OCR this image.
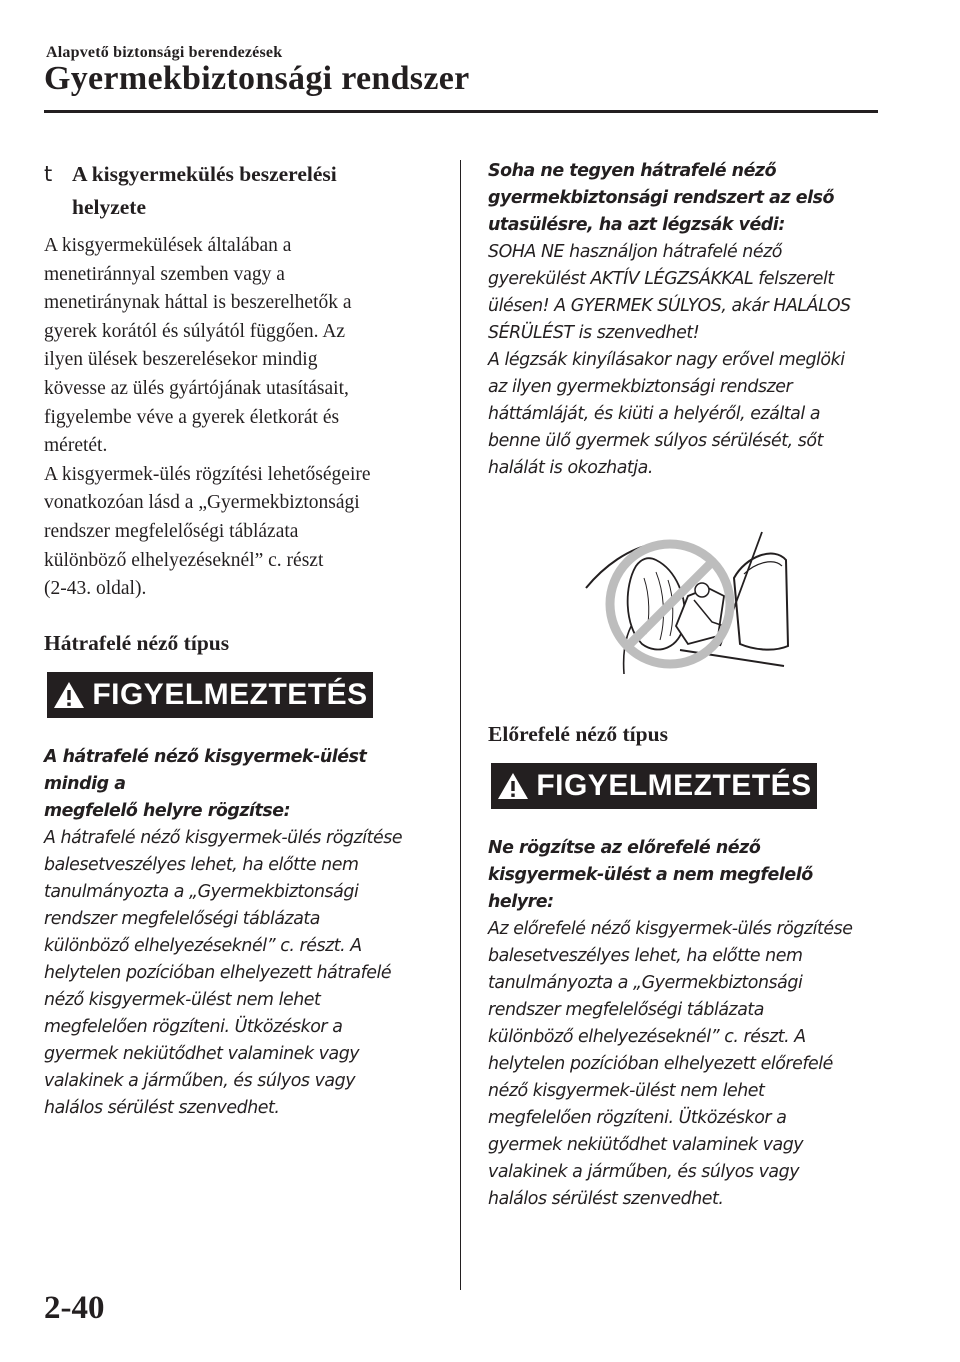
Alapvető biztonsági berendezések
Gyermekbiztonsági rendszer
t A kisgyermekülés beszerelési
helyzete

A kisgyermekülések általában a
menetiránnyal szemben vagy a
menetiránynak háttal is beszerelhetők a
gyerek korától és súlyától függően. Az
ilyen ülések beszerelésekor mindig
kövesse az ülés gyártójának utasításait,
figyelembe véve a gyerek életkorát és
méretét.
A kisgyermek-ülés rögzítési lehetőségeire
vonatkozóan lásd a „Gyermekbiztonsági
rendszer megfelelőségi táblázata
különböző elhelyezéseknél” c. részt
(2-43. oldal).

Hátrafelé néző típus

FIGYELMEZTETÉS

A hátrafelé néző kisgyermek-ülést mindig a
megfelelő helyre rögzítse:

A hátrafelé néző kisgyermek-ülés rögzítése
balesetveszélyes lehet, ha előtte nem
tanulmányozta a „Gyermekbiztonsági
rendszer megfelelőségi táblázata
különböző elhelyezéseknél” c. részt. A
helytelen pozícióban elhelyezett hátrafelé
néző kisgyermek-ülést nem lehet
megfelelően rögzíteni. Ütközéskor a
gyermek nekiütődhet valaminek vagy
valakinek a járműben, és súlyos vagy
halálos sérülést szenvedhet.

Soha ne tegyen hátrafelé néző
gyermekbiztonsági rendszert az első
utasülésre, ha azt légzsák védi:

SOHA NE használjon hátrafelé néző
gyerekülést AKTÍV LÉGZSÁKKAL felszerelt
ülésen! A GYERMEK SÚLYOS, akár HALÁLOS
SÉRÜLÉST is szenvedhet!
A légzsák kinyílásakor nagy erővel meglöki
az ilyen gyermekbiztonsági rendszer
háttámláját, és kiüti a helyéről, ezáltal a
benne ülő gyermek súlyos sérülését, sőt
halálát is okozhatja.

Előrefelé néző típus

FIGYELMEZTETÉS

Ne rögzítse az előrefelé néző
kisgyermek-ülést a nem megfelelő helyre:

Az előrefelé néző kisgyermek-ülés rögzítése
balesetveszélyes lehet, ha előtte nem
tanulmányozta a „Gyermekbiztonsági
rendszer megfelelőségi táblázata
különböző elhelyezéseknél” c. részt. A
helytelen pozícióban elhelyezett előrefelé
néző kisgyermek-ülést nem lehet
megfelelően rögzíteni. Ütközéskor a
gyermek nekiütődhet valaminek vagy
valakinek a járműben, és súlyos vagy
halálos sérülést szenvedhet.

2-40
